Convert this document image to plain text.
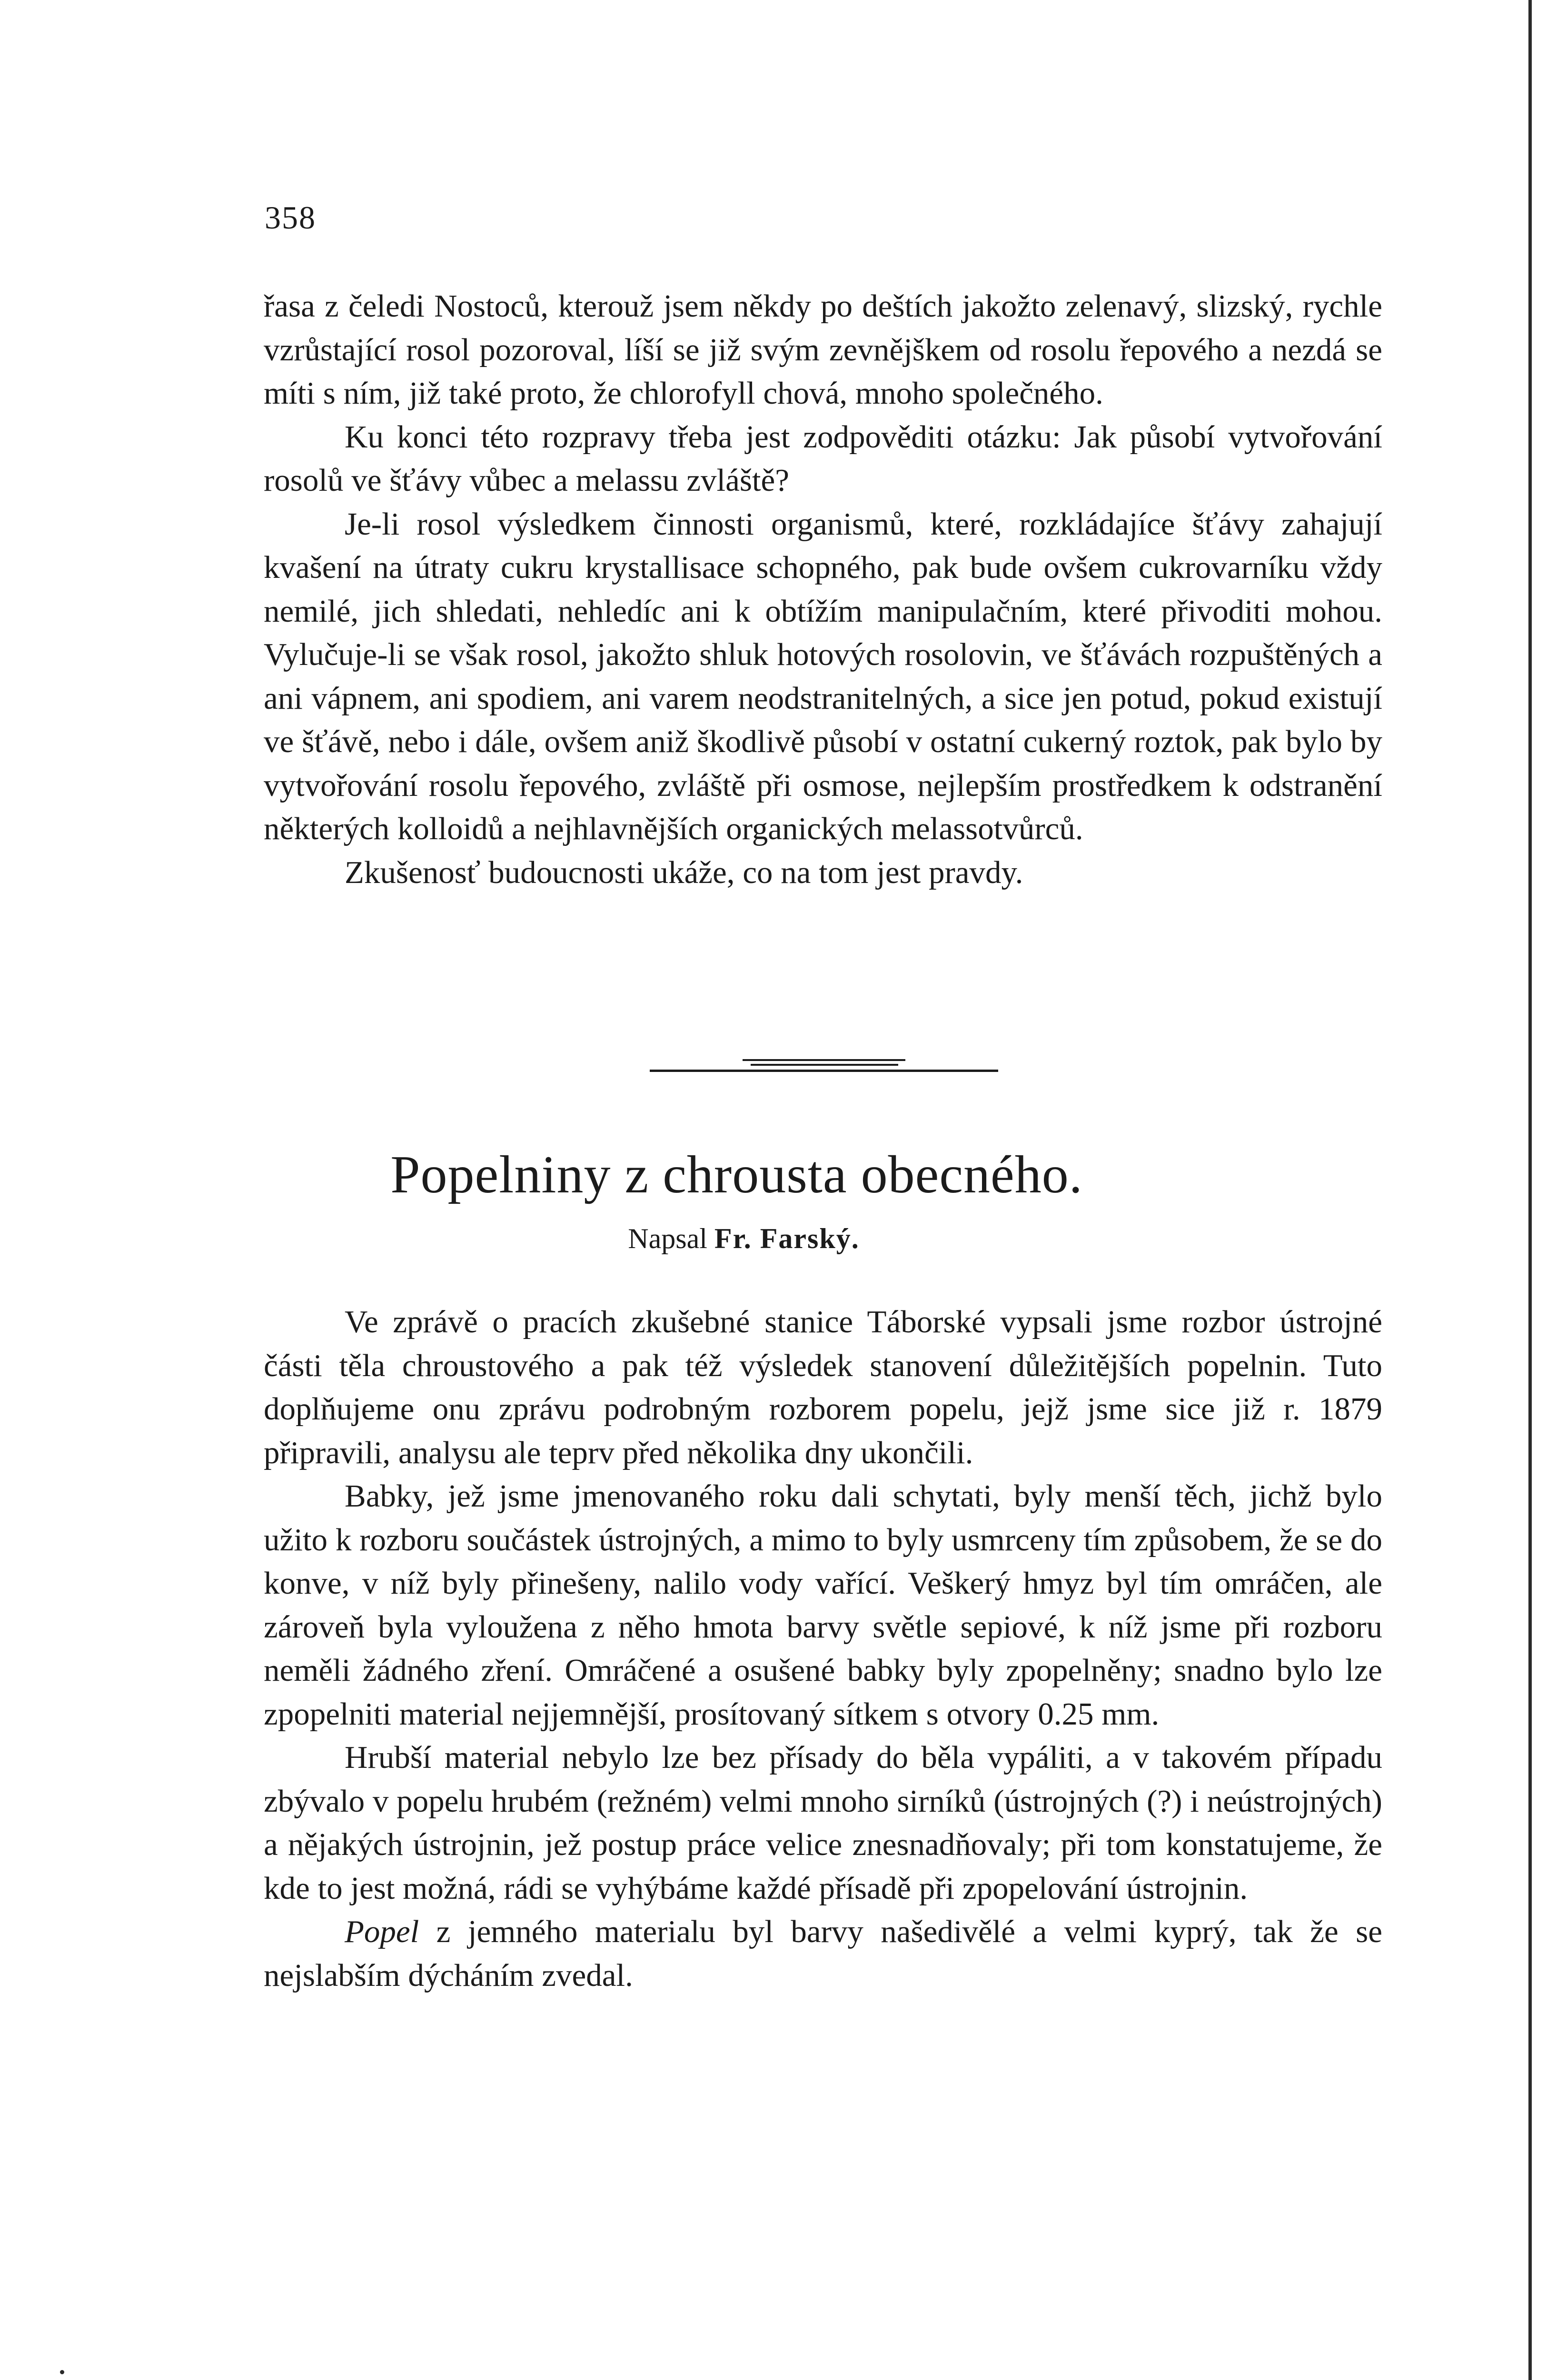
358

řasa z čeledi Nostoců, kterouž jsem někdy po deštích jakožto zelenavý, slizský, rychle vzrůstající rosol pozoroval, líší se již svým zevnějškem od rosolu řepového a nezdá se míti s ním, již také proto, že chlorofyll chová, mnoho společného.

Ku konci této rozpravy třeba jest zodpověditi otázku: Jak působí vytvořování rosolů ve šťávy vůbec a melassu zvláště?

Je-li rosol výsledkem činnosti organismů, které, rozkládajíce šťávy zahajují kvašení na útraty cukru krystallisace schopného, pak bude ovšem cukrovarníku vždy nemilé, jich shledati, nehledíc ani k obtížím manipulačním, které přivoditi mohou. Vylučuje-li se však rosol, jakožto shluk hotových rosolovin, ve šťávách rozpuštěných a ani vápnem, ani spodiem, ani varem neodstranitelných, a sice jen potud, pokud existují ve šťávě, nebo i dále, ovšem aniž škodlivě působí v ostatní cukerný roztok, pak bylo by vytvořování rosolu řepového, zvláště při osmose, nejlepším prostředkem k odstranění některých kolloidů a nejhlavnějších organických melassotvůrců.

Zkušenosť budoucnosti ukáže, co na tom jest pravdy.

Popelniny z chrousta obecného.
Napsal Fr. Farský.

Ve zprávě o pracích zkušebné stanice Táborské vypsali jsme rozbor ústrojné části těla chroustového a pak též výsledek stanovení důležitějších popelnin. Tuto doplňujeme onu zprávu podrobným rozborem popelu, jejž jsme sice již r. 1879 připravili, analysu ale teprv před několika dny ukončili.

Babky, jež jsme jmenovaného roku dali schytati, byly menší těch, jichž bylo užito k rozboru součástek ústrojných, a mimo to byly usmrceny tím způsobem, že se do konve, v níž byly přinešeny, nalilo vody vařící. Veškerý hmyz byl tím omráčen, ale zároveň byla vyloužena z něho hmota barvy světle sepiové, k níž jsme při rozboru neměli žádného zření. Omráčené a osušené babky byly zpopelněny; snadno bylo lze zpopelniti material nejjemnější, prosítovaný sítkem s otvory 0.25 mm.

Hrubší material nebylo lze bez přísady do běla vypáliti, a v takovém případu zbývalo v popelu hrubém (režném) velmi mnoho sirníků (ústrojných (?) i neústrojných) a nějakých ústrojnin, jež postup práce velice znesnadňovaly; při tom konstatujeme, že kde to jest možná, rádi se vyhýbáme každé přísadě při zpopelování ústrojnin.

Popel z jemného materialu byl barvy našedivělé a velmi kyprý, tak že se nejslabším dýcháním zvedal.
